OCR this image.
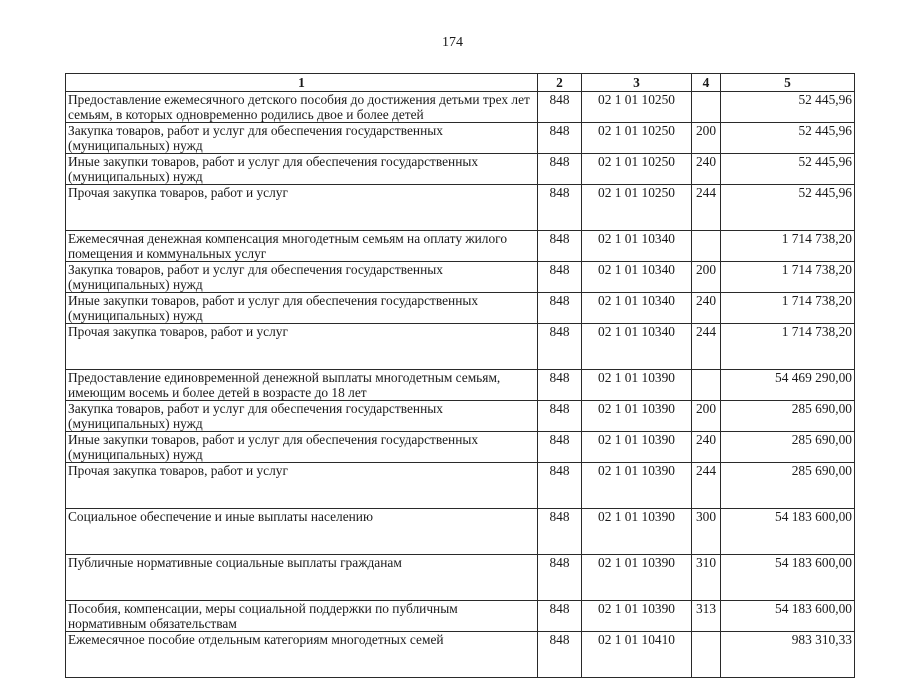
174
1	2	3	4	5
Предоставление ежемесячного детского пособия до достижения детьми трех лет семьям, в которых одновременно родились двое и более детей	848	02 1 01 10250		52 445,96
Закупка товаров, работ и услуг для обеспечения государственных (муниципальных) нужд	848	02 1 01 10250	200	52 445,96
Иные закупки товаров, работ и услуг для обеспечения государственных (муниципальных) нужд	848	02 1 01 10250	240	52 445,96
Прочая закупка товаров, работ и услуг	848	02 1 01 10250	244	52 445,96
Ежемесячная денежная компенсация многодетным семьям на оплату жилого помещения и коммунальных услуг	848	02 1 01 10340		1 714 738,20
Закупка товаров, работ и услуг для обеспечения государственных (муниципальных) нужд	848	02 1 01 10340	200	1 714 738,20
Иные закупки товаров, работ и услуг для обеспечения государственных (муниципальных) нужд	848	02 1 01 10340	240	1 714 738,20
Прочая закупка товаров, работ и услуг	848	02 1 01 10340	244	1 714 738,20
Предоставление единовременной денежной выплаты многодетным семьям, имеющим восемь и более детей в возрасте до 18 лет	848	02 1 01 10390		54 469 290,00
Закупка товаров, работ и услуг для обеспечения государственных (муниципальных) нужд	848	02 1 01 10390	200	285 690,00
Иные закупки товаров, работ и услуг для обеспечения государственных (муниципальных) нужд	848	02 1 01 10390	240	285 690,00
Прочая закупка товаров, работ и услуг	848	02 1 01 10390	244	285 690,00
Социальное обеспечение и иные выплаты населению	848	02 1 01 10390	300	54 183 600,00
Публичные нормативные социальные выплаты гражданам	848	02 1 01 10390	310	54 183 600,00
Пособия, компенсации, меры социальной поддержки по публичным нормативным обязательствам	848	02 1 01 10390	313	54 183 600,00
Ежемесячное пособие отдельным категориям многодетных семей	848	02 1 01 10410		983 310,33
